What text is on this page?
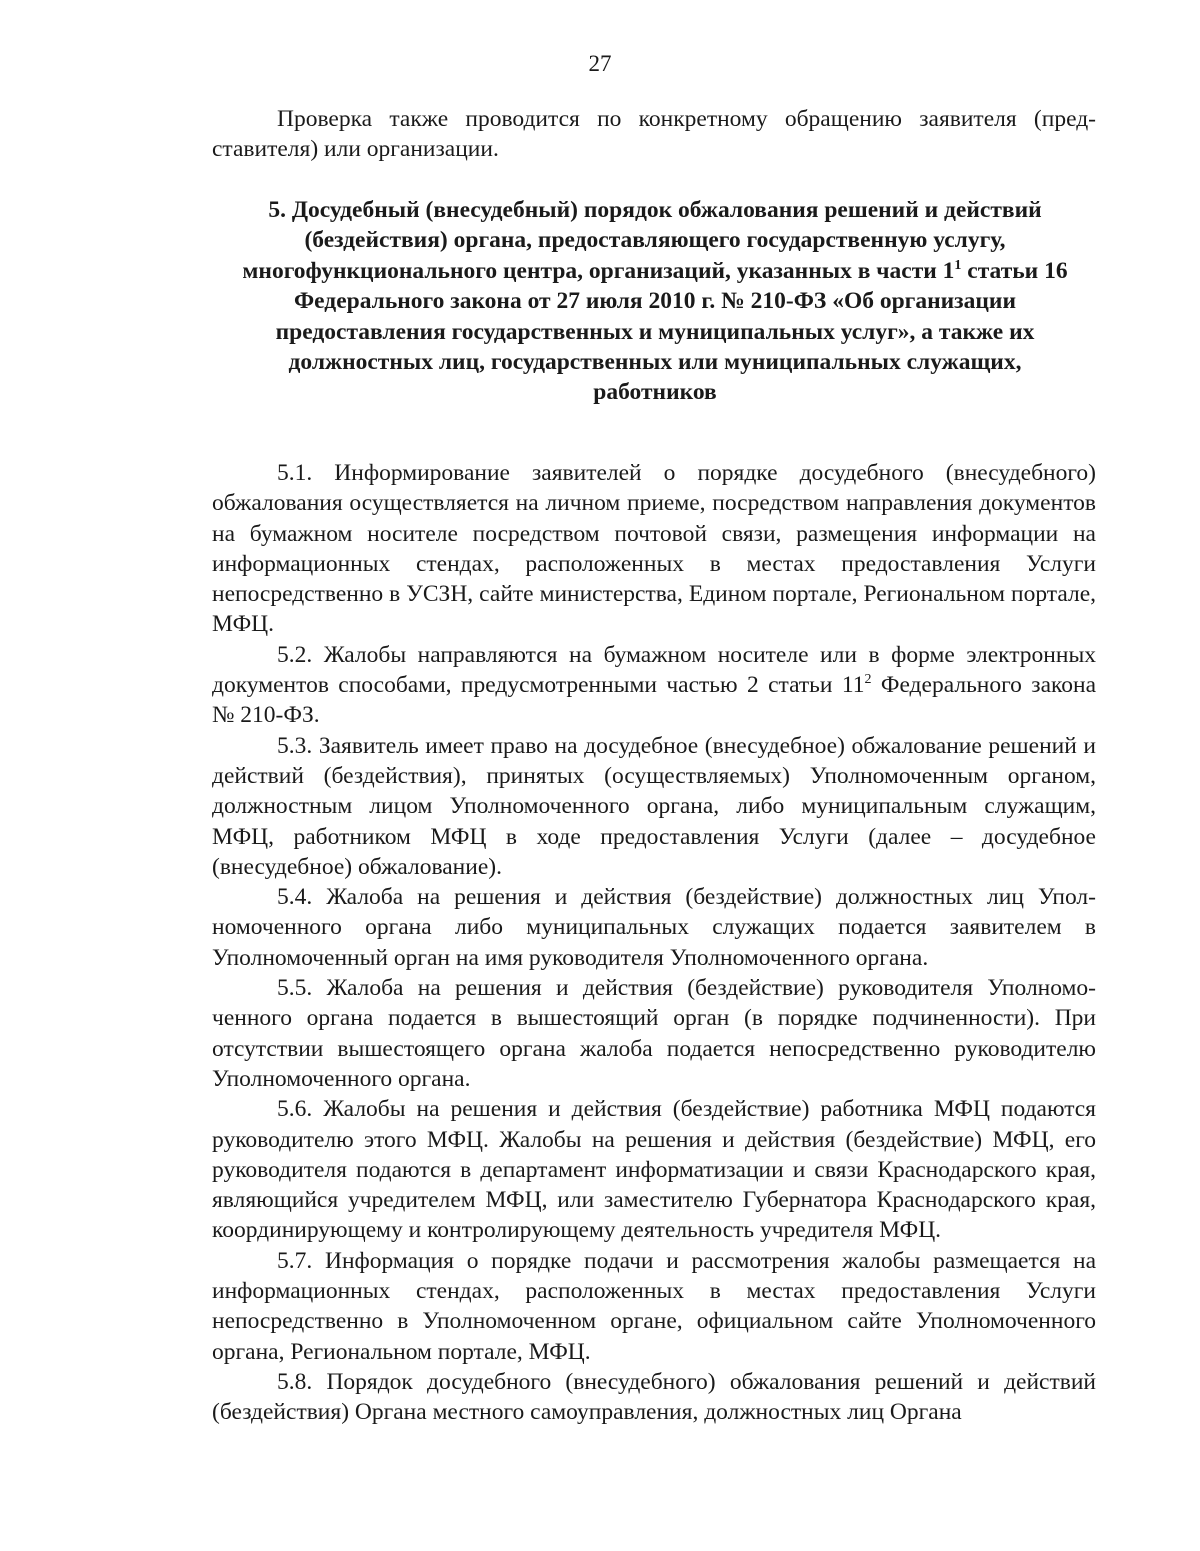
27

Проверка также проводится по конкретному обращению заявителя (представителя) или организации.

5. Досудебный (внесудебный) порядок обжалования решений и действий (бездействия) органа, предоставляющего государственную услугу, многофункционального центра, организаций, указанных в части $1^1$ статьи 16 Федерального закона от 27 июля 2010 г. № 210-ФЗ «Об организации предоставления государственных и муниципальных услуг», а также их должностных лиц, государственных или муниципальных служащих, работников

5.1. Информирование заявителей о порядке досудебного (внесудебного) обжалования осуществляется на личном приеме, посредством направления документов на бумажном носителе посредством почтовой связи, размещения информации на информационных стендах, расположенных в местах предоставления Услуги непосредственно в УСЗН, сайте министерства, Едином портале, Региональном портале, МФЦ.

5.2. Жалобы направляются на бумажном носителе или в форме электронных документов способами, предусмотренными частью 2 статьи $11^2$ Федерального закона № 210-ФЗ.

5.3. Заявитель имеет право на досудебное (внесудебное) обжалование решений и действий (бездействия), принятых (осуществляемых) Уполномоченным органом, должностным лицом Уполномоченного органа, либо муниципальным служащим, МФЦ, работником МФЦ в ходе предоставления Услуги (далее – досудебное (внесудебное) обжалование).

5.4. Жалоба на решения и действия (бездействие) должностных лиц Уполномоченного органа либо муниципальных служащих подается заявителем в Уполномоченный орган на имя руководителя Уполномоченного органа.

5.5. Жалоба на решения и действия (бездействие) руководителя Уполномоченного органа подается в вышестоящий орган (в порядке подчиненности). При отсутствии вышестоящего органа жалоба подается непосредственно руководителю Уполномоченного органа.

5.6. Жалобы на решения и действия (бездействие) работника МФЦ подаются руководителю этого МФЦ. Жалобы на решения и действия (бездействие) МФЦ, его руководителя подаются в департамент информатизации и связи Краснодарского края, являющийся учредителем МФЦ, или заместителю Губернатора Краснодарского края, координирующему и контролирующему деятельность учредителя МФЦ.

5.7. Информация о порядке подачи и рассмотрения жалобы размещается на информационных стендах, расположенных в местах предоставления Услуги непосредственно в Уполномоченном органе, официальном сайте Уполномоченного органа, Региональном портале, МФЦ.

5.8. Порядок досудебного (внесудебного) обжалования решений и действий (бездействия) Органа местного самоуправления, должностных лиц Органа
